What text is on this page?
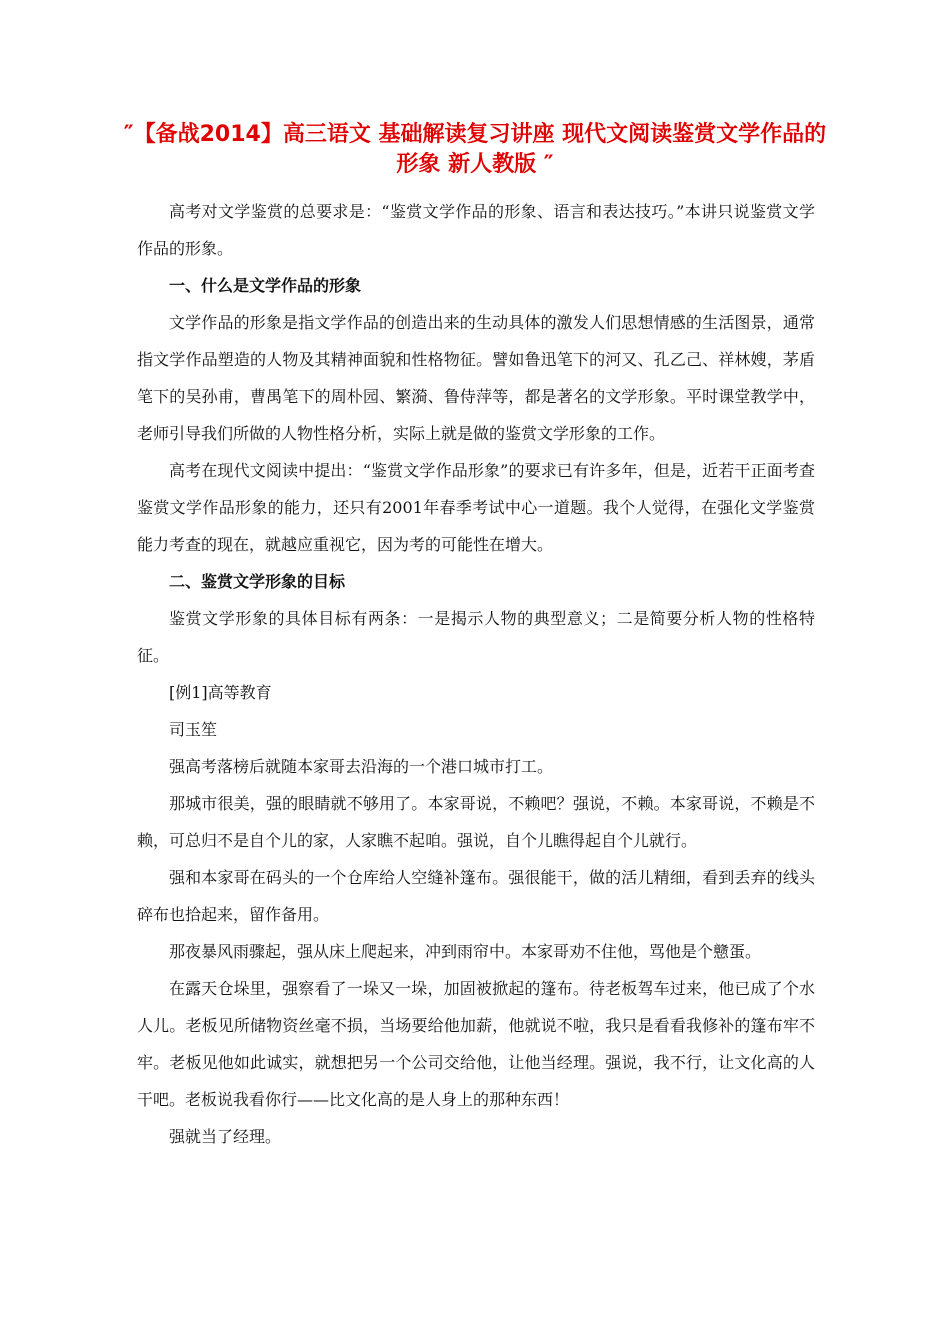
″【备战2014】高三语文 基础解读复习讲座 现代文阅读鉴赏文学作品的形象 新人教版 ″

高考对文学鉴赏的总要求是：“鉴赏文学作品的形象、语言和表达技巧。”本讲只说鉴赏文学作品的形象。

一、什么是文学作品的形象

文学作品的形象是指文学作品的创造出来的生动具体的激发人们思想情感的生活图景，通常指文学作品塑造的人物及其精神面貌和性格物征。譬如鲁迅笔下的河又、孔乙己、祥林嫂，茅盾笔下的吴孙甫，曹禺笔下的周朴园、繁漪、鲁侍萍等，都是著名的文学形象。平时课堂教学中，老师引导我们所做的人物性格分析，实际上就是做的鉴赏文学形象的工作。

高考在现代文阅读中提出：“鉴赏文学作品形象”的要求已有许多年，但是，近若干正面考查鉴赏文学作品形象的能力，还只有2001年春季考试中心一道题。我个人觉得，在强化文学鉴赏能力考查的现在，就越应重视它，因为考的可能性在增大。

二、鉴赏文学形象的目标

鉴赏文学形象的具体目标有两条：一是揭示人物的典型意义；二是简要分析人物的性格特征。

[例1]高等教育

司玉笙

强高考落榜后就随本家哥去沿海的一个港口城市打工。

那城市很美，强的眼睛就不够用了。本家哥说，不赖吧？强说，不赖。本家哥说，不赖是不赖，可总归不是自个儿的家，人家瞧不起咱。强说，自个儿瞧得起自个儿就行。

强和本家哥在码头的一个仓库给人空缝补篷布。强很能干，做的活儿精细，看到丢弃的线头碎布也拾起来，留作备用。

那夜暴风雨骤起，强从床上爬起来，冲到雨帘中。本家哥劝不住他，骂他是个戆蛋。

在露天仓垛里，强察看了一垛又一垛，加固被掀起的篷布。待老板驾车过来，他已成了个水人儿。老板见所储物资丝毫不损，当场要给他加薪，他就说不啦，我只是看看我修补的篷布牢不牢。老板见他如此诚实，就想把另一个公司交给他，让他当经理。强说，我不行，让文化高的人干吧。老板说我看你行——比文化高的是人身上的那种东西！

强就当了经理。
